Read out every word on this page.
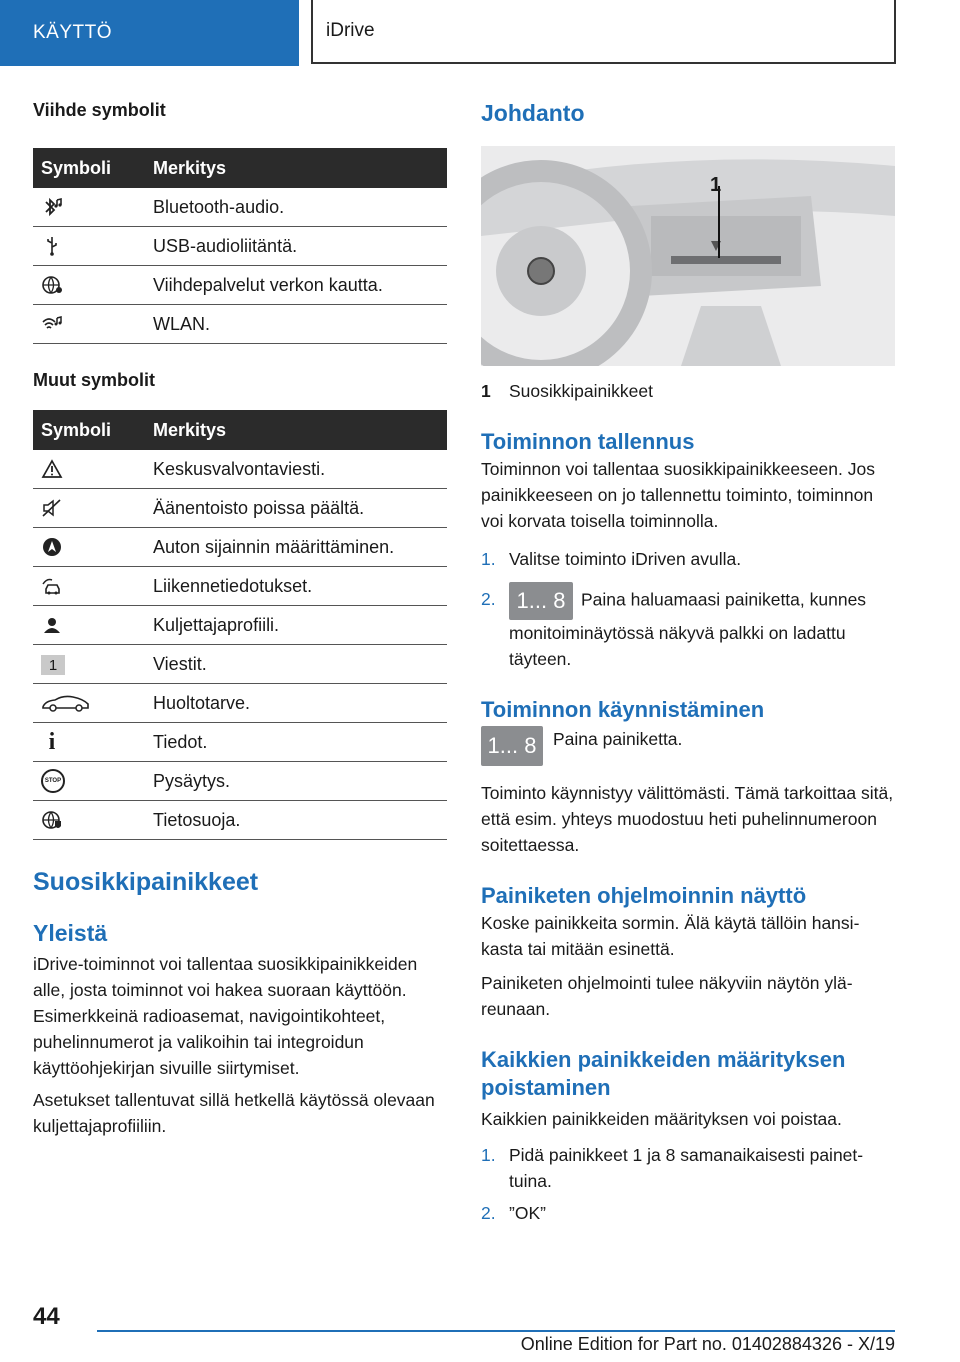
KÄYTTÖ	iDrive

Viihde symbolit

Symboli	Merkitys
	Bluetooth-audio.
	USB-audioliitäntä.
	Viihdepalvelut verkon kautta.
	WLAN.

Muut symbolit

Symboli	Merkitys
	Keskusvalvontaviesti.
	Äänentoisto poissa päältä.
	Auton sijainnin määrittäminen.
	Liikennetiedotukset.
	Kuljettajaprofiili.
1	Viestit.
	Huoltotarve.
i	Tiedot.
STOP	Pysäytys.
	Tietosuoja.

Suosikkipainikkeet

Yleistä

iDrive-toiminnot voi tallentaa suosikkipainikkeiden alle, josta toiminnot voi hakea suoraan käyttöön. Esimerkkeinä radioasemat, navigointikohteet, puhelinnumerot ja valikoihin tai integroidun käyttöohjekirjan sivuille siirtymiset.

Asetukset tallentuvat sillä hetkellä käytössä olevaan kuljettajaprofiiliin.

Johdanto

1
1	Suosikkipainikkeet

Toiminnon tallennus

Toiminnon voi tallentaa suosikkipainikkeeseen. Jos painikkeeseen on jo tallennettu toiminto, toiminnon voi korvata toisella toiminnolla.

1. Valitse toiminto iDriven avulla.
2. 1... 8 Paina haluamaasi painiketta, kunnes monitoiminäytössä näkyvä palkki on ladattu täyteen.

Toiminnon käynnistäminen

1... 8 Paina painiketta.

Toiminto käynnistyy välittömästi. Tämä tarkoittaa sitä, että esim. yhteys muodostuu heti puhelinnumeroon soitettaessa.

Painiketen ohjelmoinnin näyttö

Koske painikkeita sormin. Älä käytä tällöin hansikasta tai mitään esinettä.

Painiketen ohjelmointi tulee näkyviin näytön yläreunaan.

Kaikkien painikkeiden määrityksen poistaminen

Kaikkien painikkeiden määrityksen voi poistaa.

1. Pidä painikkeet 1 ja 8 samanaikaisesti painettuina.
2. ”OK”
44
Online Edition for Part no. 01402884326 - X/19
